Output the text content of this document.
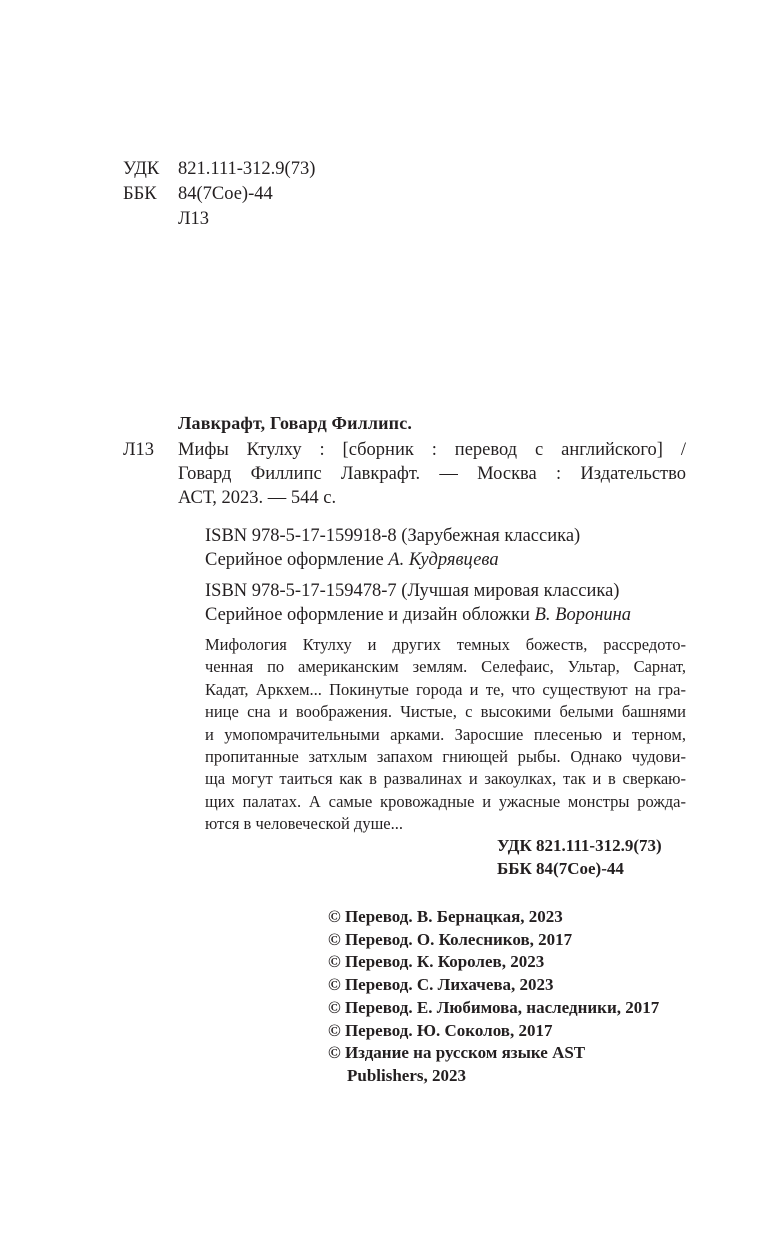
УДК 821.111-312.9(73)
ББК 84(7Сое)-44
Л13
Лавкрафт, Говард Филлипс.
Л13 Мифы Ктулху : [сборник : перевод с английского] /
Говард Филлипс Лавкрафт. — Москва : Издательство
АСТ, 2023. — 544 с.
ISBN 978-5-17-159918-8 (Зарубежная классика)
Серийное оформление А. Кудрявцева
ISBN 978-5-17-159478-7 (Лучшая мировая классика)
Серийное оформление и дизайн обложки В. Воронина
Мифология Ктулху и других темных божеств, рассредото-
ченная по американским землям. Селефаис, Ультар, Сарнат,
Кадат, Аркхем... Покинутые города и те, что существуют на гра-
нице сна и воображения. Чистые, с высокими белыми башнями
и умопомрачительными арками. Заросшие плесенью и терном,
пропитанные затхлым запахом гниющей рыбы. Однако чудови-
ща могут таиться как в развалинах и закоулках, так и в сверкаю-
щих палатах. А самые кровожадные и ужасные монстры рожда-
ются в человеческой душе...
УДК 821.111-312.9(73)
ББК 84(7Сое)-44
© Перевод. В. Бернацкая, 2023
© Перевод. О. Колесников, 2017
© Перевод. К. Королев, 2023
© Перевод. С. Лихачева, 2023
© Перевод. Е. Любимова, наследники, 2017
© Перевод. Ю. Соколов, 2017
© Издание на русском языке AST
Publishers, 2023
